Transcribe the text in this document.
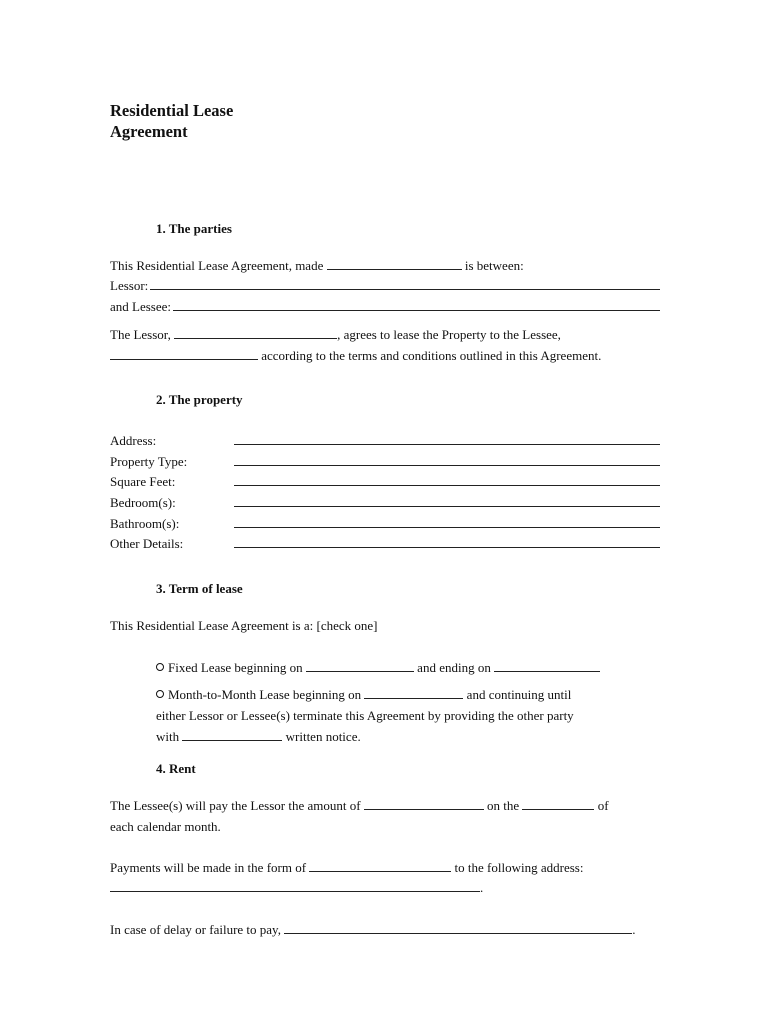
Residential Lease
Agreement
1. The parties

This Residential Lease Agreement, made	is between:

Lessor:

and Lessee:

The Lessor,	, agrees to lease the Property to the Lessee,

according to the terms and conditions outlined in this Agreement.

2. The property
Address:
Property Type:
Square Feet:
Bedroom(s):
Bathroom(s):
Other Details:
3. Term of lease

This Residential Lease Agreement is a: [check one]

Fixed Lease beginning on	and ending on

Month-to-Month Lease beginning on	and continuing until

either Lessor or Lessee(s) terminate this Agreement by providing the other party

with	written notice.

4. Rent

The Lessee(s) will pay the Lessor the amount of	on the	of

each calendar month.

Payments will be made in the form of	to the following address:

.

In case of delay or failure to pay,	.
